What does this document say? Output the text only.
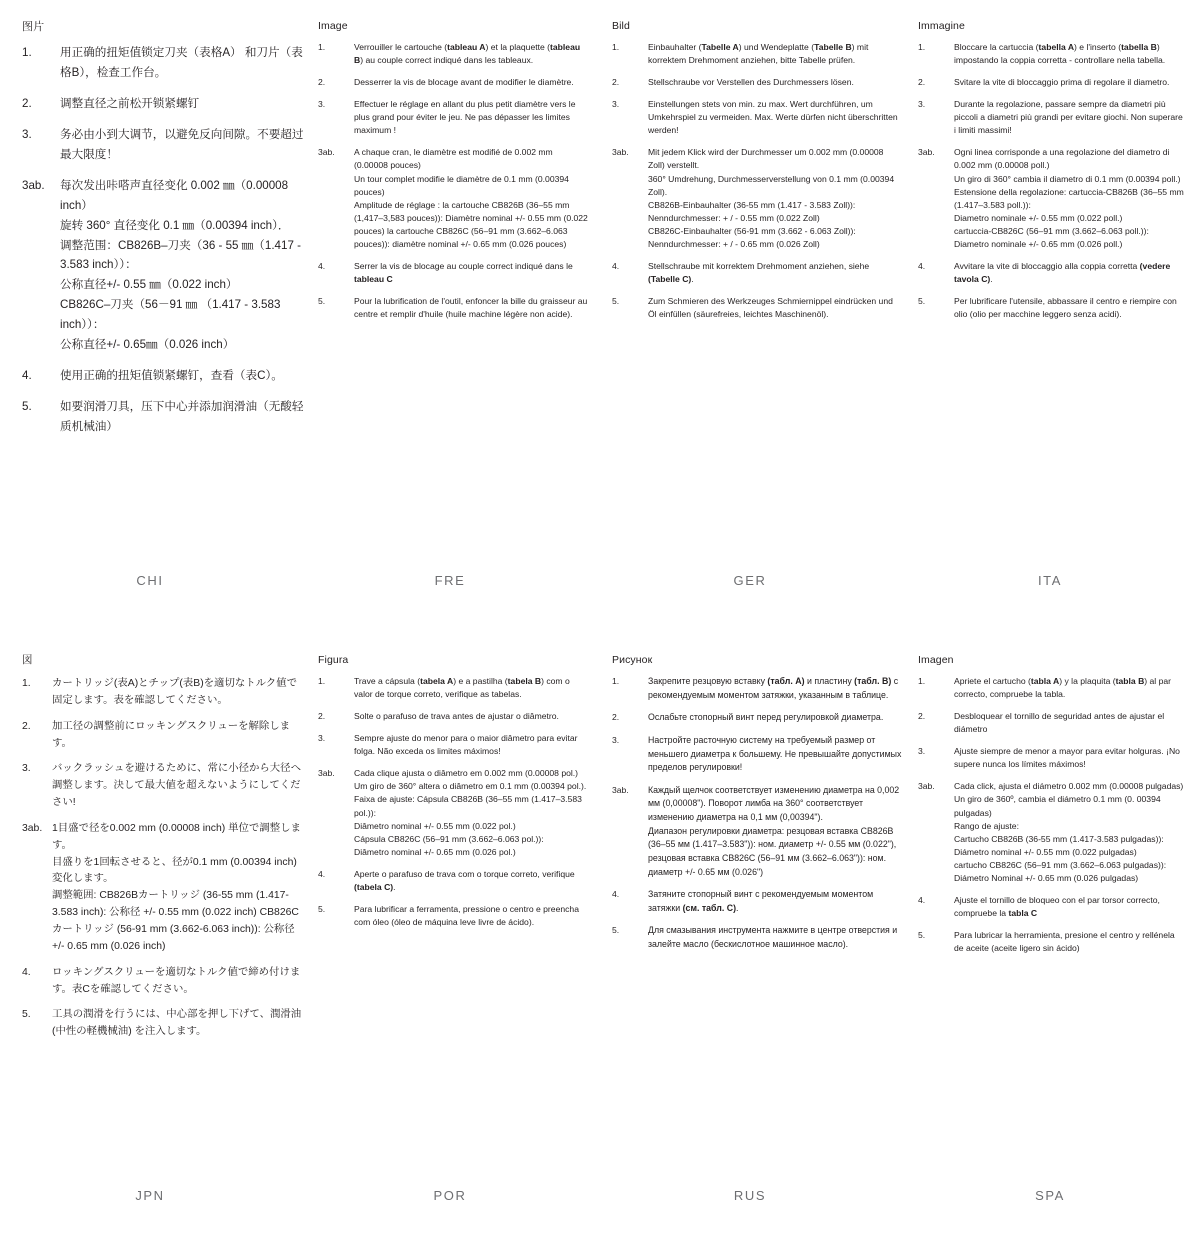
图片
1.	用正确的扭矩值锁定刀夹（表格A） 和刀片（表格B），检查工作台。
2.	调整直径之前松开锁紧螺钉
3.	务必由小到大调节，以避免反向间隙。不要超过最大限度！
3ab.	每次发出咔嗒声直径变化 0.002 ㎜（0.00008 inch）
旋转 360° 直径变化 0.1 ㎜（0.00394 inch）．
调整范围：CB826B–刀夹（36 - 55 ㎜（1.417 - 3.583 inch））：
公称直径+/- 0.55 ㎜（0.022 inch）
CB826C–刀夹（56－91 ㎜ （1.417 - 3.583 inch））：
公称直径+/- 0.65㎜（0.026 inch）
4.	使用正确的扭矩值锁紧螺钉，查看（表C）。
5.	如要润滑刀具，压下中心并添加润滑油（无酸轻质机械油）
Image
1.	Verrouiller le cartouche (tableau A) et la plaquette (tableau B) au couple correct indiqué dans les tableaux.
2.	Desserrer la vis de blocage avant de modifier le diamètre.
3.	Effectuer le réglage en allant du plus petit diamètre vers le plus grand pour éviter le jeu. Ne pas dépasser les limites maximum !
3ab.	A chaque cran, le diamètre est modifié de 0.002 mm (0.00008 pouces)
Un tour complet modifie le diamètre de 0.1 mm (0.00394 pouces)
Amplitude de réglage : la cartouche CB826B (36–55 mm (1,417–3,583 pouces)): Diamètre nominal +/- 0.55 mm (0.022 pouces) la cartouche CB826C (56–91 mm (3.662–6.063 pouces)): diamètre nominal +/- 0.65 mm (0.026 pouces)
4.	Serrer la vis de blocage au couple correct indiqué dans le tableau C
5.	Pour la lubrification de l'outil, enfoncer la bille du graisseur au centre et remplir d'huile (huile machine légère non acide).
Bild
1.	Einbauhalter (Tabelle A) und Wendeplatte (Tabelle B) mit korrektem Drehmoment anziehen, bitte Tabelle prüfen.
2.	Stellschraube vor Verstellen des Durchmessers lösen.
3.	Einstellungen stets von min. zu max. Wert durchführen, um Umkehrspiel zu vermeiden. Max. Werte dürfen nicht überschritten werden!
3ab.	Mit jedem Klick wird der Durchmesser um 0.002 mm (0.00008 Zoll) verstellt.
360° Umdrehung, Durchmesserverstellung von 0.1 mm (0.00394 Zoll).
CB826B-Einbauhalter (36-55 mm (1.417 - 3.583 Zoll)): Nenndurchmesser: + / - 0.55 mm (0.022 Zoll)
CB826C-Einbauhalter (56-91 mm (3.662 - 6.063 Zoll)): Nenndurchmesser: + / - 0.65 mm (0.026 Zoll)
4.	Stellschraube mit korrektem Drehmoment anziehen, siehe (Tabelle C).
5.	Zum Schmieren des Werkzeuges Schmiernippel eindrücken und Öl einfüllen (säurefreies, leichtes Maschinenöl).
Immagine
1.	Bloccare la cartuccia (tabella A) e l'inserto (tabella B) impostando la coppia corretta - controllare nella tabella.
2.	Svitare la vite di bloccaggio prima di regolare il diametro.
3.	Durante la regolazione, passare sempre da diametri più piccoli a diametri più grandi per evitare giochi. Non superare i limiti massimi!
3ab.	Ogni linea corrisponde a una regolazione del diametro di 0.002 mm (0.00008 poll.)
Un giro di 360° cambia il diametro di 0.1 mm (0.00394 poll.)
Estensione della regolazione: cartuccia-CB826B (36–55 mm (1.417–3.583 poll.)):
Diametro nominale +/- 0.55 mm (0.022 poll.)
cartuccia-CB826C (56–91 mm (3.662–6.063 poll.)):
Diametro nominale +/- 0.65 mm (0.026 poll.)
4.	Avvitare la vite di bloccaggio alla coppia corretta (vedere tavola C).
5.	Per lubrificare l'utensile, abbassare il centro e riempire con olio (olio per macchine leggero senza acidi).
CHI	FRE	GER	ITA
図
1.	カートリッジ(表A)とチップ(表B)を適切なトルク値で固定します。表を確認してください。
2.	加工径の調整前にロッキングスクリューを解除します。
3.	バックラッシュを避けるために、常に小径から大径へ調整します。決して最大値を超えないようにしてください!
3ab. 1目盛で径を0.002 mm (0.00008 inch) 単位で調整します。
目盛りを1回転させると、径が0.1 mm (0.00394 inch) 変化します。
調整範囲: CB826Bカートリッジ (36-55 mm (1.417-3.583 inch): 公称径 +/- 0.55 mm (0.022 inch) CB826Cカートリッジ (56-91 mm (3.662-6.063 inch)): 公称径 +/- 0.65 mm (0.026 inch)
4.	ロッキングスクリューを適切なトルク値で締め付けます。表Cを確認してください。
5.	工具の潤滑を行うには、中心部を押し下げて、潤滑油 (中性の軽機械油) を注入します。
Figura
1.	Trave a cápsula (tabela A) e a pastilha (tabela B) com o valor de torque correto, verifique as tabelas.
2.	Solte o parafuso de trava antes de ajustar o diâmetro.
3.	Sempre ajuste do menor para o maior diâmetro para evitar folga. Não exceda os limites máximos!
3ab.	Cada clique ajusta o diâmetro em 0.002 mm (0.00008 pol.)
Um giro de 360° altera o diâmetro em 0.1 mm (0.00394 pol.).
Faixa de ajuste: Cápsula CB826B (36–55 mm (1.417–3.583 pol.)):
Diâmetro nominal +/- 0.55 mm (0.022 pol.)
Cápsula CB826C (56–91 mm (3.662–6.063 pol.)):
Diâmetro nominal +/- 0.65 mm (0.026 pol.)
4.	Aperte o parafuso de trava com o torque correto, verifique (tabela C).
5.	Para lubrificar a ferramenta, pressione o centro e preencha com óleo (óleo de máquina leve livre de ácido).
Рисунок
1.	Закрепите резцовую вставку (табл. A) и пластину (табл. B) с рекомендуемым моментом затяжки, указанным в таблице.
2.	Ослабьте стопорный винт перед регулировкой диаметра.
3.	Настройте расточную систему на требуемый размер от меньшего диаметра к большему. Не превышайте допустимых пределов регулировки!
3ab.	Каждый щелчок соответствует изменению диаметра на 0,002 мм (0,00008"). Поворот лимба на 360° соответствует изменению диаметра на 0,1 мм (0,00394").
Диапазон регулировки диаметра: резцовая вставка CB826B (36–55 мм (1.417–3.583")): ном. диаметр +/- 0.55 мм (0.022"), резцовая вставка CB826C (56–91 мм (3.662–6.063")): ном. диаметр +/- 0.65 мм (0.026")
4.	Затяните стопорный винт с рекомендуемым моментом затяжки (см. табл. C).
5.	Для смазывания инструмента нажмите в центре отверстия и залейте масло (бескислотное машинное масло).
Imagen
1.	Apriete el cartucho (tabla A) y la plaquita (tabla B) al par correcto, compruebe la tabla.
2.	Desbloquear el tornillo de seguridad antes de ajustar el diámetro
3.	Ajuste siempre de menor a mayor para evitar holguras. ¡No supere nunca los límites máximos!
3ab.	Cada click, ajusta el diámetro 0.002 mm (0.00008 pulgadas)
Un giro de 360º, cambia el diámetro 0.1 mm (0. 00394 pulgadas)
Rango de ajuste:
Cartucho CB826B (36-55 mm (1.417-3.583 pulgadas)):
Diámetro nominal +/- 0.55 mm (0.022 pulgadas)
cartucho CB826C (56–91 mm (3.662–6.063 pulgadas)):
Diámetro Nominal +/- 0.65 mm (0.026 pulgadas)
4.	Ajuste el tornillo de bloqueo con el par torsor correcto, compruebe la tabla C
5.	Para lubricar la herramienta, presione el centro y rellénela de aceite (aceite ligero sin ácido)
JPN	POR	RUS	SPA
